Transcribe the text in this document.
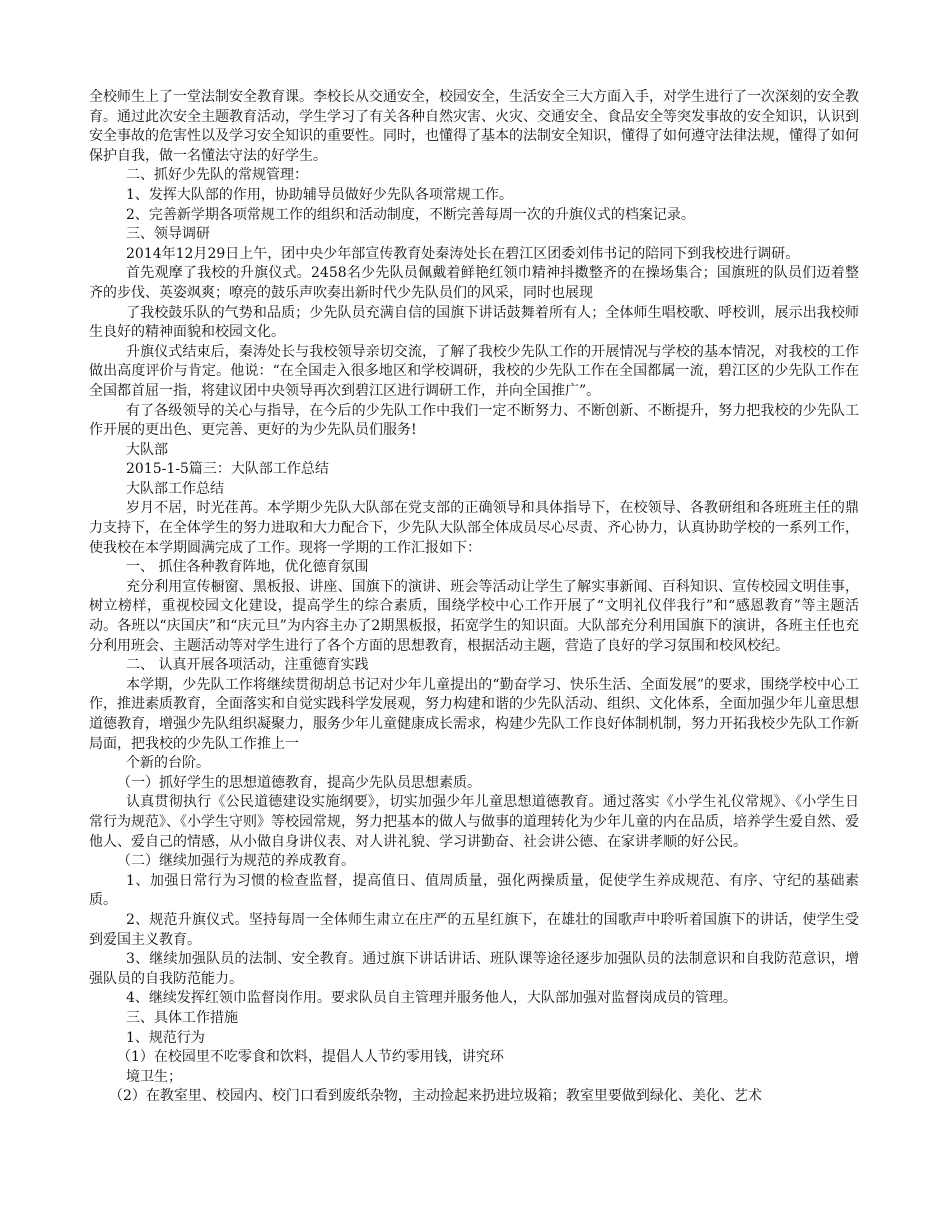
全校师生上了一堂法制安全教育课。李校长从交通安全，校园安全，生活安全三大方面入手，对学生进行了一次深刻的安全教育。通过此次安全主题教育活动，学生学习了有关各种自然灾害、火灾、交通安全、食品安全等突发事故的安全知识，认识到安全事故的危害性以及学习安全知识的重要性。同时，也懂得了基本的法制安全知识，懂得了如何遵守法律法规，懂得了如何保护自我，做一名懂法守法的好学生。

二、抓好少先队的常规管理：

1、发挥大队部的作用，协助辅导员做好少先队各项常规工作。

2、完善新学期各项常规工作的组织和活动制度，不断完善每周一次的升旗仪式的档案记录。

三、领导调研

2014年12月29日上午，团中央少年部宣传教育处秦涛处长在碧江区团委刘伟书记的陪同下到我校进行调研。

首先观摩了我校的升旗仪式。2458名少先队员佩戴着鲜艳红领巾精神抖擞整齐的在操场集合；国旗班的队员们迈着整齐的步伐、英姿飒爽；嘹亮的鼓乐声吹奏出新时代少先队员们的风采，同时也展现

了我校鼓乐队的气势和品质；少先队员充满自信的国旗下讲话鼓舞着所有人；全体师生唱校歌、呼校训，展示出我校师生良好的精神面貌和校园文化。

升旗仪式结束后，秦涛处长与我校领导亲切交流，了解了我校少先队工作的开展情况与学校的基本情况，对我校的工作做出高度评价与肯定。他说：“在全国走入很多地区和学校调研，我校的少先队工作在全国都属一流，碧江区的少先队工作在全国都首屈一指，将建议团中央领导再次到碧江区进行调研工作，并向全国推广”。

有了各级领导的关心与指导，在今后的少先队工作中我们一定不断努力、不断创新、不断提升，努力把我校的少先队工作开展的更出色、更完善、更好的为少先队员们服务!

大队部

2015-1-5篇三：大队部工作总结

大队部工作总结

岁月不居，时光荏苒。本学期少先队大队部在党支部的正确领导和具体指导下，在校领导、各教研组和各班班主任的鼎力支持下，在全体学生的努力进取和大力配合下，少先队大队部全体成员尽心尽责、齐心协力，认真协助学校的一系列工作，使我校在本学期圆满完成了工作。现将一学期的工作汇报如下：

一、 抓住各种教育阵地，优化德育氛围

充分利用宣传橱窗、黑板报、讲座、国旗下的演讲、班会等活动让学生了解实事新闻、百科知识、宣传校园文明佳事，树立榜样，重视校园文化建设，提高学生的综合素质，围绕学校中心工作开展了“文明礼仪伴我行”和“感恩教育”等主题活动。各班以“庆国庆”和“庆元旦”为内容主办了2期黑板报，拓宽学生的知识面。大队部充分利用国旗下的演讲，各班主任也充分利用班会、主题活动等对学生进行了各个方面的思想教育，根据活动主题，营造了良好的学习氛围和校风校纪。

二、 认真开展各项活动，注重德育实践

本学期，少先队工作将继续贯彻胡总书记对少年儿童提出的“勤奋学习、快乐生活、全面发展”的要求，围绕学校中心工作，推进素质教育，全面落实和自觉实践科学发展观，努力构建和谐的少先队活动、组织、文化体系，全面加强少年儿童思想道德教育，增强少先队组织凝聚力，服务少年儿童健康成长需求，构建少先队工作良好体制机制，努力开拓我校少先队工作新局面，把我校的少先队工作推上一

个新的台阶。

（一）抓好学生的思想道德教育，提高少先队员思想素质。

认真贯彻执行《公民道德建设实施纲要》，切实加强少年儿童思想道德教育。通过落实《小学生礼仪常规》、《小学生日常行为规范》、《小学生守则》等校园常规，努力把基本的做人与做事的道理转化为少年儿童的内在品质，培养学生爱自然、爱他人、爱自己的情感，从小做自身讲仪表、对人讲礼貌、学习讲勤奋、社会讲公德、在家讲孝顺的好公民。

（二）继续加强行为规范的养成教育。

1、加强日常行为习惯的检查监督，提高值日、值周质量，强化两操质量，促使学生养成规范、有序、守纪的基础素质。

2、规范升旗仪式。坚持每周一全体师生肃立在庄严的五星红旗下，在雄壮的国歌声中聆听着国旗下的讲话，使学生受到爱国主义教育。

3、继续加强队员的法制、安全教育。通过旗下讲话讲话、班队课等途径逐步加强队员的法制意识和自我防范意识，增强队员的自我防范能力。

4、继续发挥红领巾监督岗作用。要求队员自主管理并服务他人，大队部加强对监督岗成员的管理。

三、具体工作措施

1、规范行为

（1）在校园里不吃零食和饮料，提倡人人节约零用钱，讲究环

境卫生；

（2）在教室里、校园内、校门口看到废纸杂物，主动捡起来扔进垃圾箱；教室里要做到绿化、美化、艺术
